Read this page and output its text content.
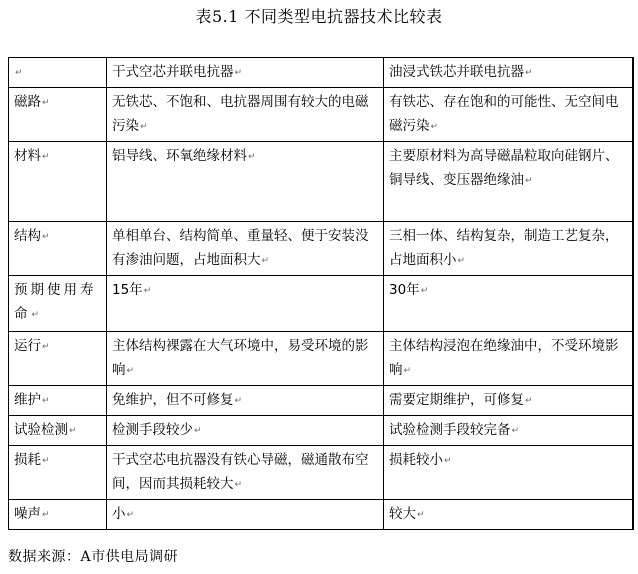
表5.1 不同类型电抗器技术比较表
↵	干式空芯并联电抗器↵	油浸式铁芯并联电抗器↵
磁路↵	无铁芯、不饱和、电抗器周围有较大的电磁污染↵	有铁芯、存在饱和的可能性、无空间电磁污染↵
材料↵	铝导线、环氧绝缘材料↵	主要原材料为高导磁晶粒取向硅钢片、铜导线、变压器绝缘油↵
结构↵	单相单台、结构简单、重量轻、便于安装没有渗油问题，占地面积大↵	三相一体、结构复杂，制造工艺复杂，占地面积小↵
预期使用寿命↵	15年↵	30年↵
运行↵	主体结构裸露在大气环境中，易受环境的影响↵	主体结构浸泡在绝缘油中，不受环境影响↵
维护↵	免维护，但不可修复↵	需要定期维护，可修复↵
试验检测↵	检测手段较少↵	试验检测手段较完备↵
损耗↵	干式空芯电抗器没有铁心导磁，磁通散布空间，因而其损耗较大↵	损耗较小↵
噪声↵	小↵	较大↵
数据来源：A市供电局调研
